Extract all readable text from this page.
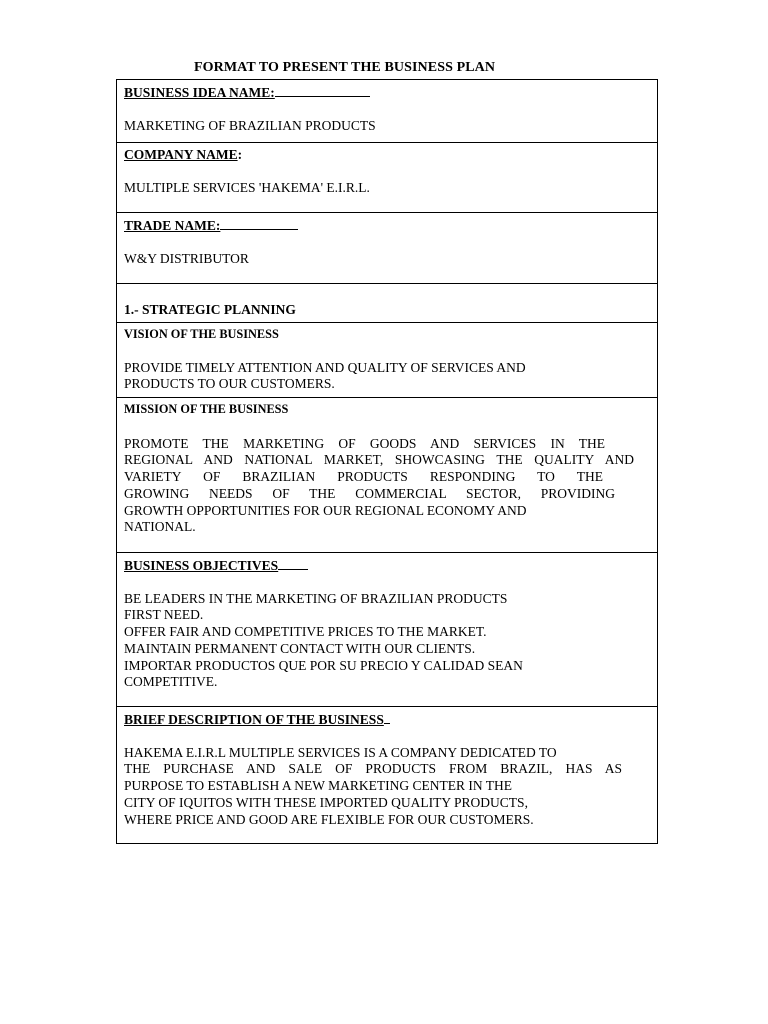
FORMAT TO PRESENT THE BUSINESS PLAN
BUSINESS IDEA NAME:
MARKETING OF BRAZILIAN PRODUCTS
COMPANY NAME:
MULTIPLE SERVICES 'HAKEMA' E.I.R.L.
TRADE NAME:
W&Y DISTRIBUTOR
1.- STRATEGIC PLANNING
VISION OF THE BUSINESS
PROVIDE TIMELY ATTENTION AND QUALITY OF SERVICES AND
PRODUCTS TO OUR CUSTOMERS.
MISSION OF THE BUSINESS
PROMOTE THE MARKETING OF GOODS AND SERVICES IN THE
REGIONAL AND NATIONAL MARKET, SHOWCASING THE QUALITY AND
VARIETY OF BRAZILIAN PRODUCTS RESPONDING TO THE
GROWING NEEDS OF THE COMMERCIAL SECTOR, PROVIDING
GROWTH OPPORTUNITIES FOR OUR REGIONAL ECONOMY AND
NATIONAL.
BUSINESS OBJECTIVES
BE LEADERS IN THE MARKETING OF BRAZILIAN PRODUCTS
FIRST NEED.
OFFER FAIR AND COMPETITIVE PRICES TO THE MARKET.
MAINTAIN PERMANENT CONTACT WITH OUR CLIENTS.
IMPORTAR PRODUCTOS QUE POR SU PRECIO Y CALIDAD SEAN
COMPETITIVE.
BRIEF DESCRIPTION OF THE BUSINESS
HAKEMA E.I.R.L MULTIPLE SERVICES IS A COMPANY DEDICATED TO
THE PURCHASE AND SALE OF PRODUCTS FROM BRAZIL, HAS AS
PURPOSE TO ESTABLISH A NEW MARKETING CENTER IN THE
CITY OF IQUITOS WITH THESE IMPORTED QUALITY PRODUCTS,
WHERE PRICE AND GOOD ARE FLEXIBLE FOR OUR CUSTOMERS.
